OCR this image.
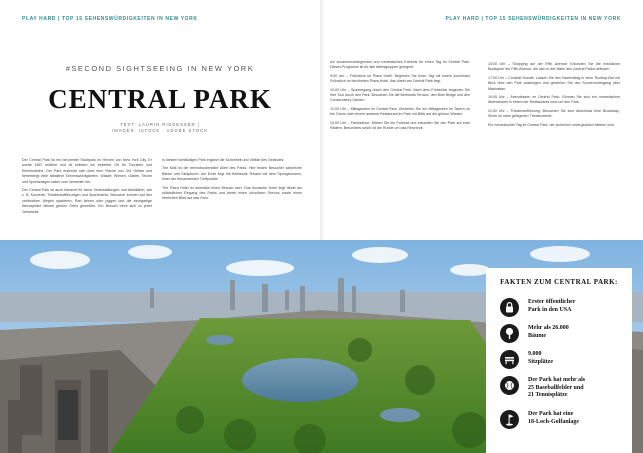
PLAY HARD | TOP 15 SEHENSWÜRDIGKEITEN IN NEW YORK	PLAY HARD | TOP 15 SEHENSWÜRDIGKEITEN IN NEW YORK
#SECOND SIGHTSEEING IN NEW YORK
CENTRAL PARK
TEXT: LAURIN RIEDESSER |
IMAGES: ISTOCK · ADOBE STOCK

Der Central Park ist ein berühmter Stadtpark im Herzen von New York City. Er wurde 1857 eröffnet und ist seitdem ein beliebter Ort für Touristen und Einheimische. Der Park erstreckt sich über eine Fläche von 341 Hektar und beherbergt viele attraktive Sehenswürdigkeiten. Wälder, Wiesen, Gärten, Teiche und Sportanlagen laden zum Verweilen ein.

Der Central Park ist auch bekannt für seine Veranstaltungen und Aktivitäten, wie z. B. Konzerte, Theateraufführungen und Sportevents. Besucher können auf den zahlreichen Wegen spazieren, Rad fahren oder joggen und die einzigartige Atmosphäre dieses grünen Ortes genießen. Ein Besuch lohnt sich zu jeder Jahreszeit.

in diesem weitläufigen Park ergänzt die Schönheit und Vielfalt des Geländes.

The Mall ist die beeindruckendste Allee des Parks. Hier finden Besucher zahlreiche Bänke und Skulpturen. Am Ende liegt die Bethesda Terrace mit dem Springbrunnen, einer der bekanntesten Treffpunkte.

The Plaza Hotel ist ebenfalls einen Besuch wert. Das ikonische Hotel liegt direkt am südöstlichen Eingang des Parks und bietet einen luxuriösen Service sowie einen herrlichen Blick auf das Grün.

ein zusammenhängendes und romantisches Erlebnis für einen Tag im Central Park. Dieses Programm ist für alle Altersgruppen geeignet.

9:00 Uhr – Frühstück im Plaza Hotel: Beginnen Sie Ihren Tag mit einem luxuriösen Frühstück im berühmten Plaza Hotel, das direkt am Central Park liegt.

10:00 Uhr – Spaziergang durch den Central Park: Nach dem Frühstück beginnen Sie Ihre Tour durch den Park. Besuchen Sie die Bethesda Terrace, den Bow Bridge und den Conservatory Garden.

12:00 Uhr – Mittagessen im Central Park: Genießen Sie ein Mittagessen im Tavern on the Green oder einem anderen Restaurant im Park mit Blick auf die grünen Wiesen.

13:00 Uhr – Fahrradtour: Mieten Sie ein Fahrrad und erkunden Sie den Park auf zwei Rädern. Besonders schön ist die Runde um das Reservoir.

15:00 Uhr – Shopping auf der Fifth Avenue: Erkunden Sie die exklusiven Boutiquen der Fifth Avenue, die sich in der Nähe des Central Parks befinden.

17:00 Uhr – Cocktail-Stunde: Lassen Sie den Nachmittag in einer Rooftop-Bar mit Blick über den Park ausklingen und genießen Sie den Sonnenuntergang über Manhattan.

19:00 Uhr – Abendessen im Central Park: Gönnen Sie sich ein romantisches Abendessen in einem der Restaurants rund um den Park.

21:00 Uhr – Theateraufführung: Besuchen Sie zum Abschluss eine Broadway-Show im nahe gelegenen Theaterviertel.

Ein romantischer Tag im Central Park, der sicherlich unvergesslich bleiben wird.

FAKTEN ZUM CENTRAL PARK:
Erster öffentlicher
Park in den USA
Mehr als 26.000
Bäume
9.000
Sitzplätze
Der Park hat mehr als
25 Baseballfelder und
21 Tennisplätze
Der Park hat eine
18-Loch-Golfanlage
